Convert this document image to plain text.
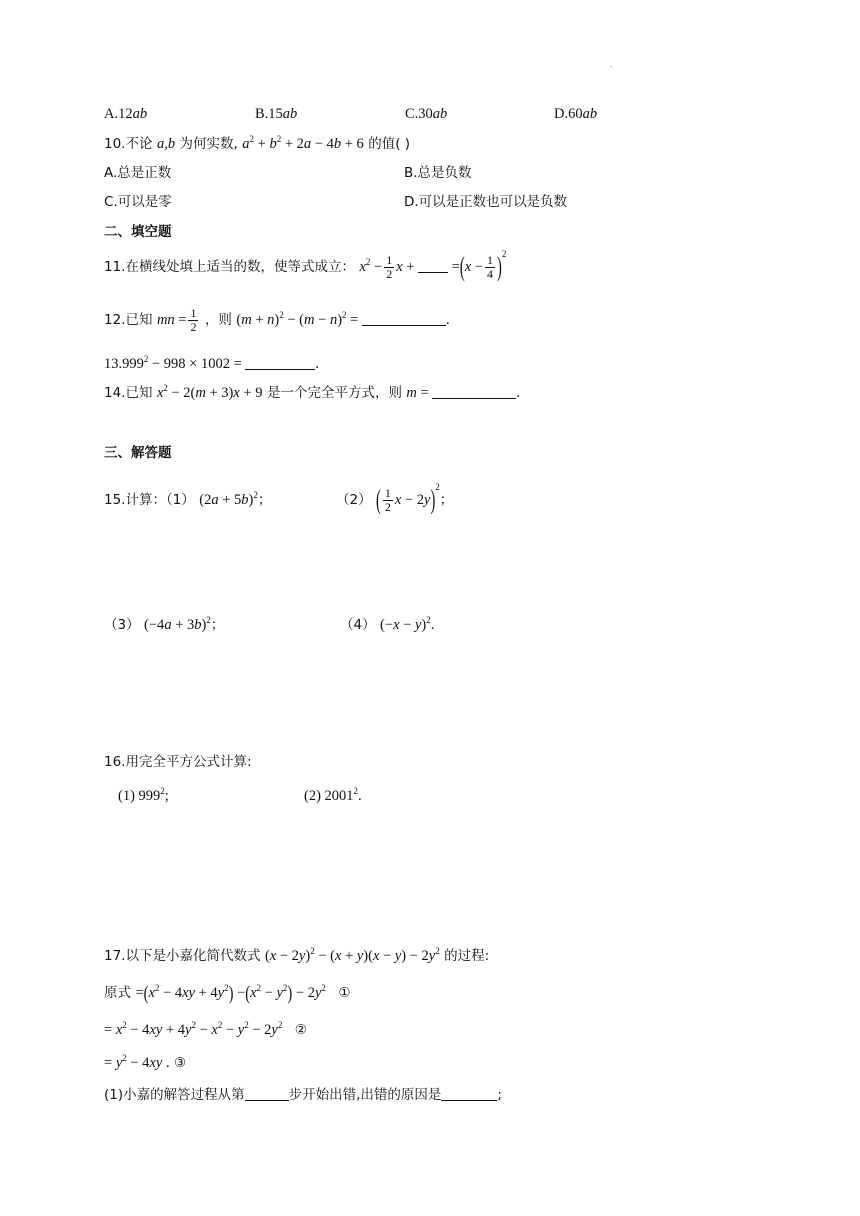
.
A.12ab	B.15ab	C.30ab	D.60ab
10.不论 a,b 为何实数, $a^2 + b^2 + 2a - 4b + 6$ 的值( )
A.总是正数	B.总是负数
C.可以是零	D.可以是正数也可以是负数
二、填空题
11.在横线处填上适当的数，使等式成立： $x^2 - \frac{1}{2}$ $x + =(x - \frac{1}{4} )^2$
12.已知 mn = $\frac{1}{2}$ ，则 $(m + n)^2 - (m - n)^2$ =	.
$13.999^2 - 998 \times 1002$ =	.
14.已知 $x^2 - 2(m + 3)x + 9$ 是一个完全平方式，则 m =	.
三、解答题
15.计算：（1） $(2a + 5b)^2$；	（2） ( $\frac{1}{2}$ x − 2y)$^2$；
（3） $(-4a + 3b)^2$；	（4） $(-x - y)^2$.
16.用完全平方公式计算:
(1) $999^2$;	(2) 2001$^2$.
17.以下是小嘉化简代数式 $(x - 2y)^2 - (x + y)(x - y) - 2y^2$ 的过程:
原式 $=(x^2 - 4xy + 4y^2) -(x^2 - y^2) - 2y^2$ ①
= $x^2 - 4xy + 4y^2 - x^2 - y^2 - 2y^2$ ②
= $y^2 - 4xy$ . ③
(1)小嘉的解答过程从第	步开始出错,出错的原因是	;
